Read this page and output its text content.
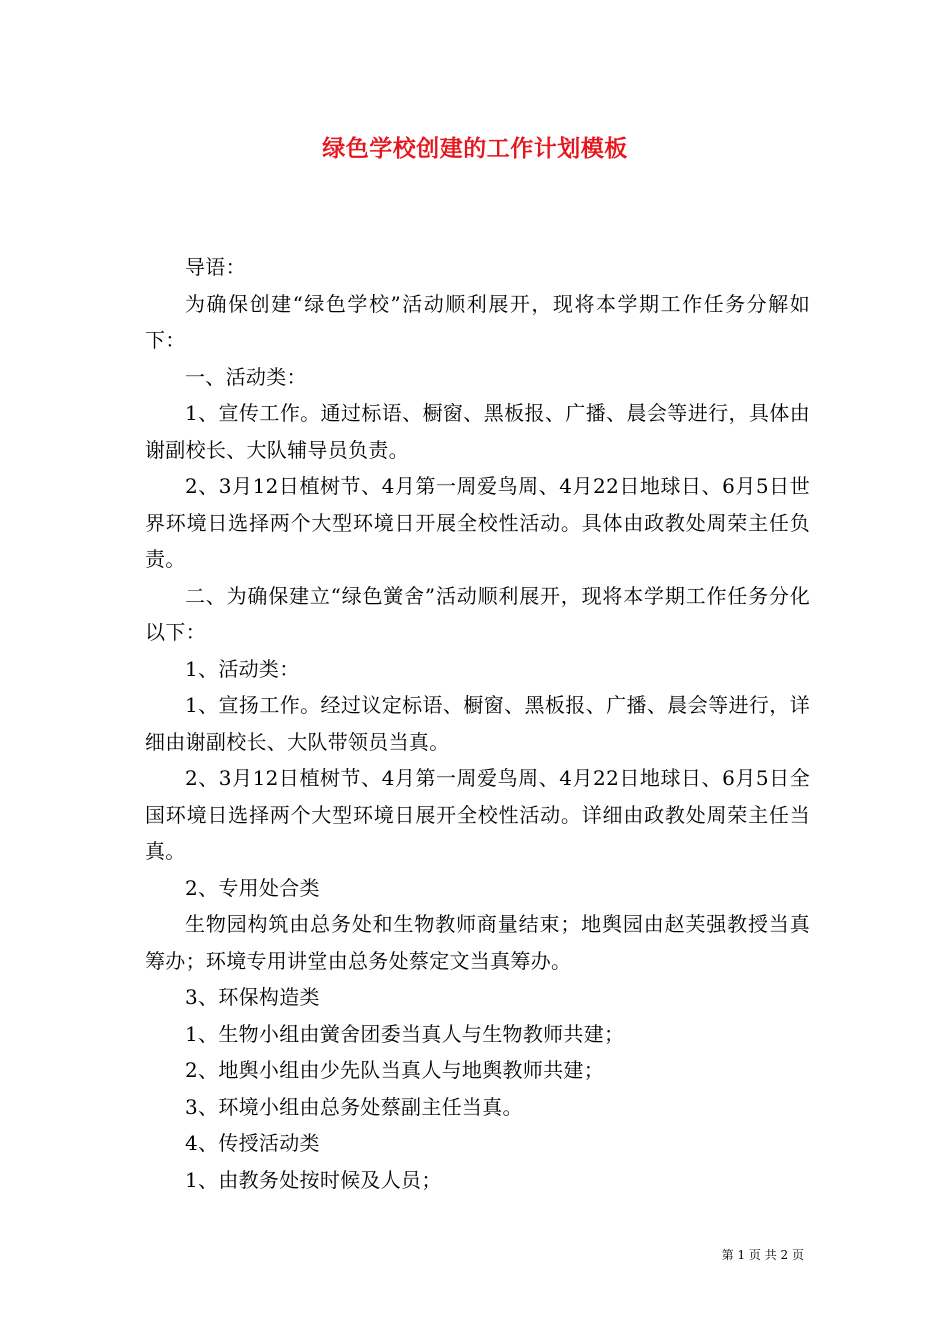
绿色学校创建的工作计划模板

导语：

为确保创建“绿色学校”活动顺利展开，现将本学期工作任务分解如下：

一、活动类：

1、宣传工作。通过标语、橱窗、黑板报、广播、晨会等进行，具体由谢副校长、大队辅导员负责。

2、3月12日植树节、4月第一周爱鸟周、4月22日地球日、6月5日世界环境日选择两个大型环境日开展全校性活动。具体由政教处周荣主任负责。

二、为确保建立“绿色黉舍”活动顺利展开，现将本学期工作任务分化以下：

1、活动类：

1、宣扬工作。经过议定标语、橱窗、黑板报、广播、晨会等进行，详细由谢副校长、大队带领员当真。

2、3月12日植树节、4月第一周爱鸟周、4月22日地球日、6月5日全国环境日选择两个大型环境日展开全校性活动。详细由政教处周荣主任当真。

2、专用处合类

生物园构筑由总务处和生物教师商量结束；地舆园由赵芙强教授当真筹办；环境专用讲堂由总务处蔡定文当真筹办。

3、环保构造类

1、生物小组由黉舍团委当真人与生物教师共建；

2、地舆小组由少先队当真人与地舆教师共建；

3、环境小组由总务处蔡副主任当真。

4、传授活动类

1、由教务处按时候及人员；

第 1 页 共 2 页
